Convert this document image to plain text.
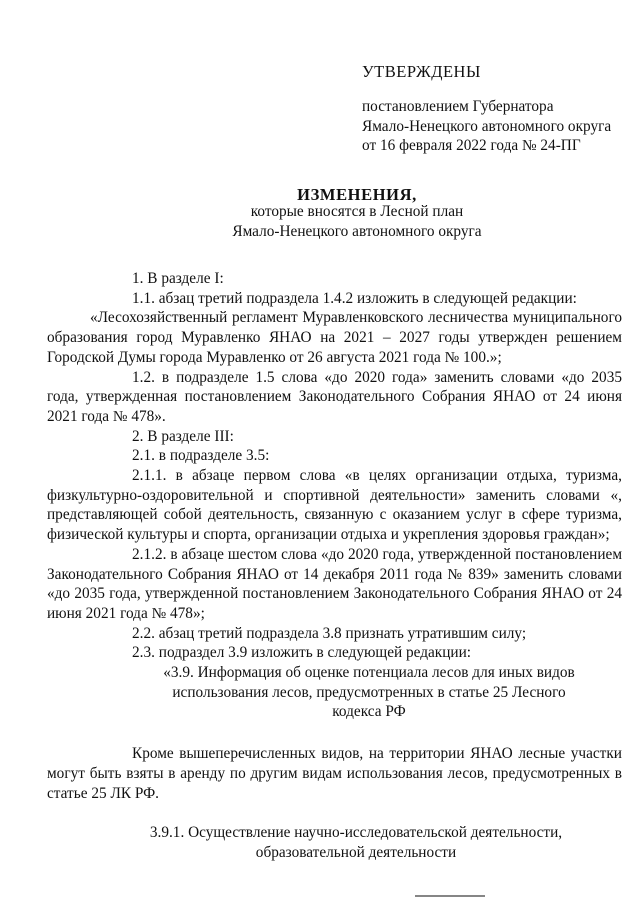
УТВЕРЖДЕНЫ
постановлением Губернатора
Ямало-Ненецкого автономного округа
от 16 февраля 2022 года № 24-ПГ
ИЗМЕНЕНИЯ,
которые вносятся в Лесной план
Ямало-Ненецкого автономного округа

1. В разделе I:

1.1. абзац третий подраздела 1.4.2 изложить в следующей редакции:

«Лесохозяйственный регламент Муравленковского лесничества муниципального образования город Муравленко ЯНАО на 2021 – 2027 годы утвержден решением Городской Думы города Муравленко от 26 августа 2021 года № 100.»;

1.2. в подразделе 1.5 слова «до 2020 года» заменить словами «до 2035 года, утвержденная постановлением Законодательного Собрания ЯНАО от 24 июня 2021 года № 478».

2. В разделе III:

2.1. в подразделе 3.5:

2.1.1. в абзаце первом слова «в целях организации отдыха, туризма, физкультурно-оздоровительной и спортивной деятельности» заменить словами «, представляющей собой деятельность, связанную с оказанием услуг в сфере туризма, физической культуры и спорта, организации отдыха и укрепления здоровья граждан»;

2.1.2. в абзаце шестом слова «до 2020 года, утвержденной постановлением Законодательного Собрания ЯНАО от 14 декабря 2011 года № 839» заменить словами «до 2035 года, утвержденной постановлением Законодательного Собрания ЯНАО от 24 июня 2021 года № 478»;

2.2. абзац третий подраздела 3.8 признать утратившим силу;

2.3. подраздел 3.9 изложить в следующей редакции:

«3.9. Информация об оценке потенциала лесов для иных видов
использования лесов, предусмотренных в статье 25 Лесного
кодекса РФ

Кроме вышеперечисленных видов, на территории ЯНАО лесные участки могут быть взяты в аренду по другим видам использования лесов, предусмотренных в статье 25 ЛК РФ.

3.9.1. Осуществление научно-исследовательской деятельности,
образовательной деятельности
